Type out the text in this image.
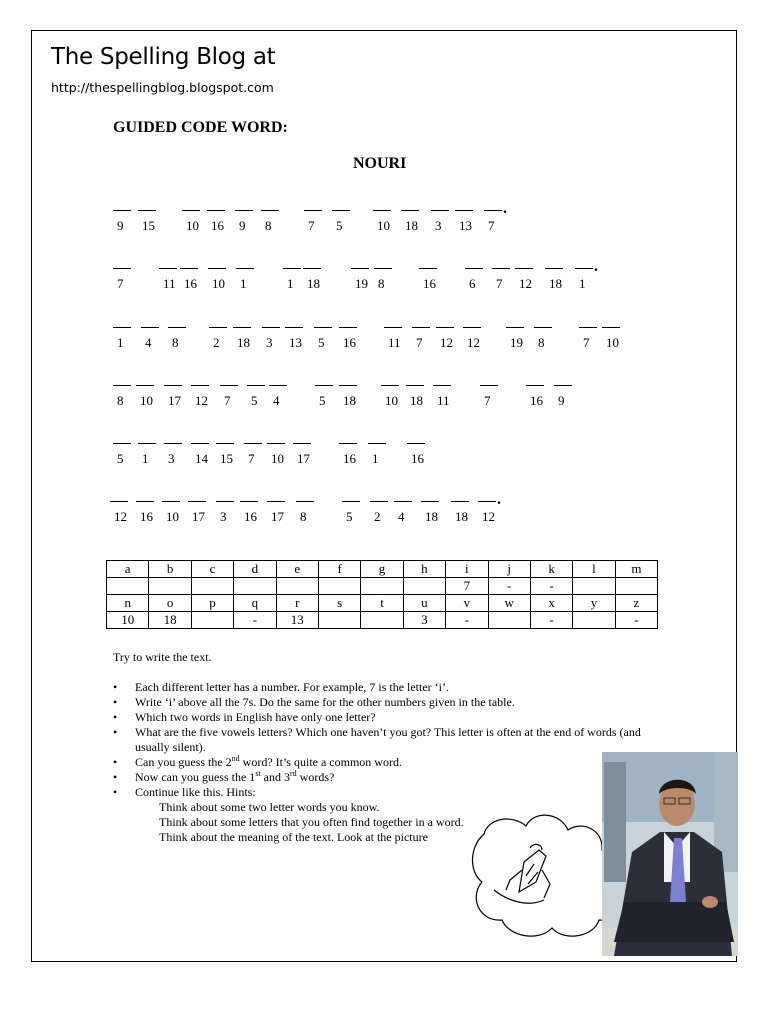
The Spelling Blog at
http://thespellingblog.blogspot.com
GUIDED CODE WORD:
NOURI
9 15 10 16 9 8	7 5	10 18 3 13 7
.
7	11 16 10 1	1 18	19 8	16	6 7 12 18 1
.
1 4 8	2 18 3 13 5 16 11 7 12 12 19 8	7 10
8 10 17 12 7 5 4	5 18 10 18 11	7	16 9
5 1 3 14 15 7 10 17	16 1	16
12 16 10 17 3 16 17 8	5 2 4 18 18 12
.
a	b	c	d	e	f	g	h	i	j	k	l	m
								7	-	-		
n	o	p	q	r	s	t	u	v	w	x	y	z
10	18		-	13			3	-		-		-
Try to write the text.
• Each different letter has a number. For example, 7 is the letter ‘i’.
• Write ‘i’ above all the 7s. Do the same for the other numbers given in the table.
• Which two words in English have only one letter?
• What are the five vowels letters? Which one haven’t you got? This letter is often at the end of words (and usually silent).
• Can you guess the 2nd word? It’s quite a common word.
• Now can you guess the 1st and 3rd words?
• Continue like this. Hints:
Think about some two letter words you know.
Think about some letters that you often find together in a word.
Think about the meaning of the text. Look at the picture
